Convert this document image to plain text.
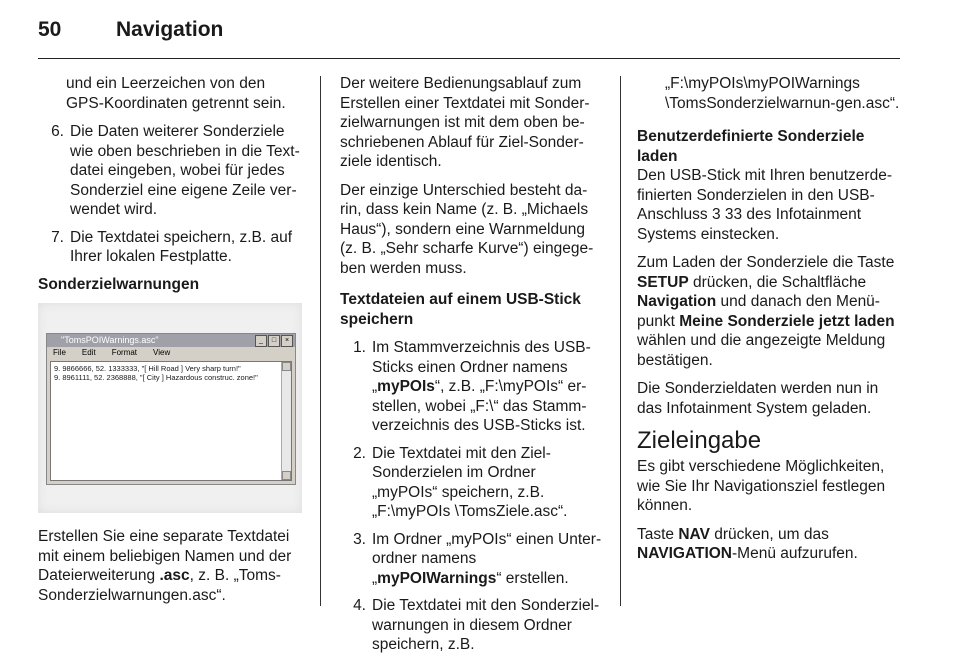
50	Navigation

und ein Leerzeichen von den GPS-Koordinaten getrennt sein.

6. Die Daten weiterer Sonderziele wie oben beschrieben in die Text-datei eingeben, wobei für jedes Sonderziel eine eigene Zeile ver-wendet wird.
7. Die Textdatei speichern, z.B. auf Ihrer lokalen Festplatte.
Sonderzielwarnungen
"TomsPOIWarnings.asc"	_	□	×
File Edit Format View
9. 9866666, 52. 1333333, "[ Hill Road ] Very sharp turn!"
9. 8961111, 52. 2368888, "[ City ] Hazardous construc. zone!"

Erstellen Sie eine separate Textdatei mit einem beliebigen Namen und der Dateierweiterung .asc, z. B. „Toms-Sonderzielwarnungen.asc“.

Der weitere Bedienungsablauf zum Erstellen einer Textdatei mit Sonder-zielwarnungen ist mit dem oben be-schriebenen Ablauf für Ziel-Sonder-ziele identisch.

Der einzige Unterschied besteht da-rin, dass kein Name (z. B. „Michaels Haus“), sondern eine Warnmeldung (z. B. „Sehr scharfe Kurve“) eingege-ben werden muss.

Textdateien auf einem USB-Stick speichern
1. Im Stammverzeichnis des USB-Sticks einen Ordner namens „myPOIs“, z.B. „F:\myPOIs“ er-stellen, wobei „F:\“ das Stamm-verzeichnis des USB-Sticks ist.
2. Die Textdatei mit den Ziel-Sonderzielen im Ordner „myPOIs“ speichern, z.B. „F:\myPOIs \TomsZiele.asc“.
3. Im Ordner „myPOIs“ einen Unter-ordner namens „myPOIWarnings“ erstellen.
4. Die Textdatei mit den Sonderziel-warnungen in diesem Ordner speichern, z.B.

„F:\myPOIs\myPOIWarnings \TomsSonderzielwarnun-gen.asc“.

Benutzerdefinierte Sonderziele laden

Den USB-Stick mit Ihren benutzerde-finierten Sonderzielen in den USB-Anschluss 3 33 des Infotainment Systems einstecken.

Zum Laden der Sonderziele die Taste SETUP drücken, die Schaltfläche Navigation und danach den Menü-punkt Meine Sonderziele jetzt laden wählen und die angezeigte Meldung bestätigen.

Die Sonderzieldaten werden nun in das Infotainment System geladen.

Zieleingabe

Es gibt verschiedene Möglichkeiten, wie Sie Ihr Navigationsziel festlegen können.

Taste NAV drücken, um das NAVIGATION-Menü aufzurufen.
